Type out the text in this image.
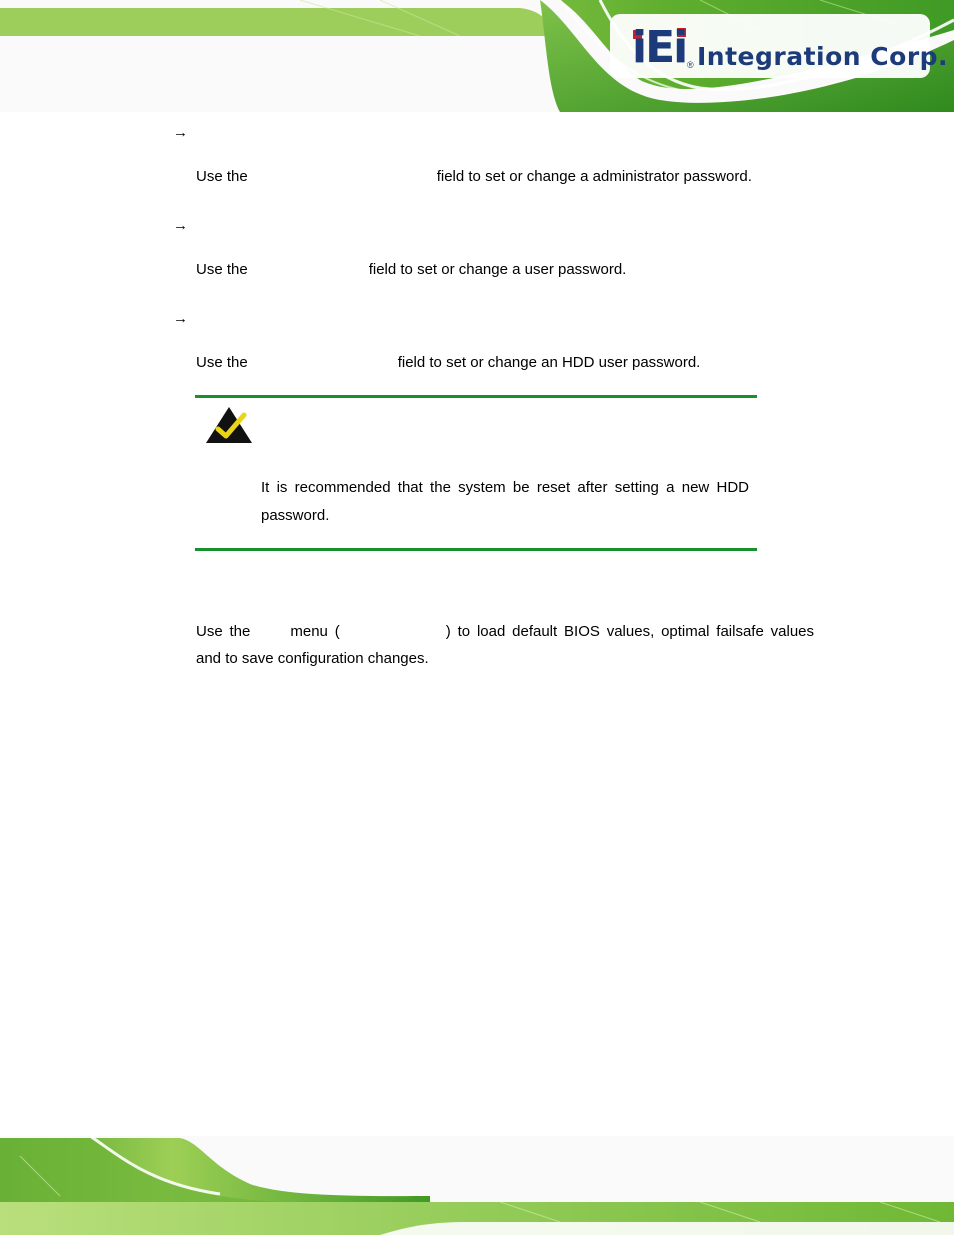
iEi ® Integration Corp.
→
Use the	field to set or change a administrator password.
→
Use the	field to set or change a user password.
→
Use the	field to set or change an HDD user password.
It is recommended that the system be reset after setting a new HDD password.
Use the	menu (	) to load default BIOS values, optimal failsafe values and to save configuration changes.
